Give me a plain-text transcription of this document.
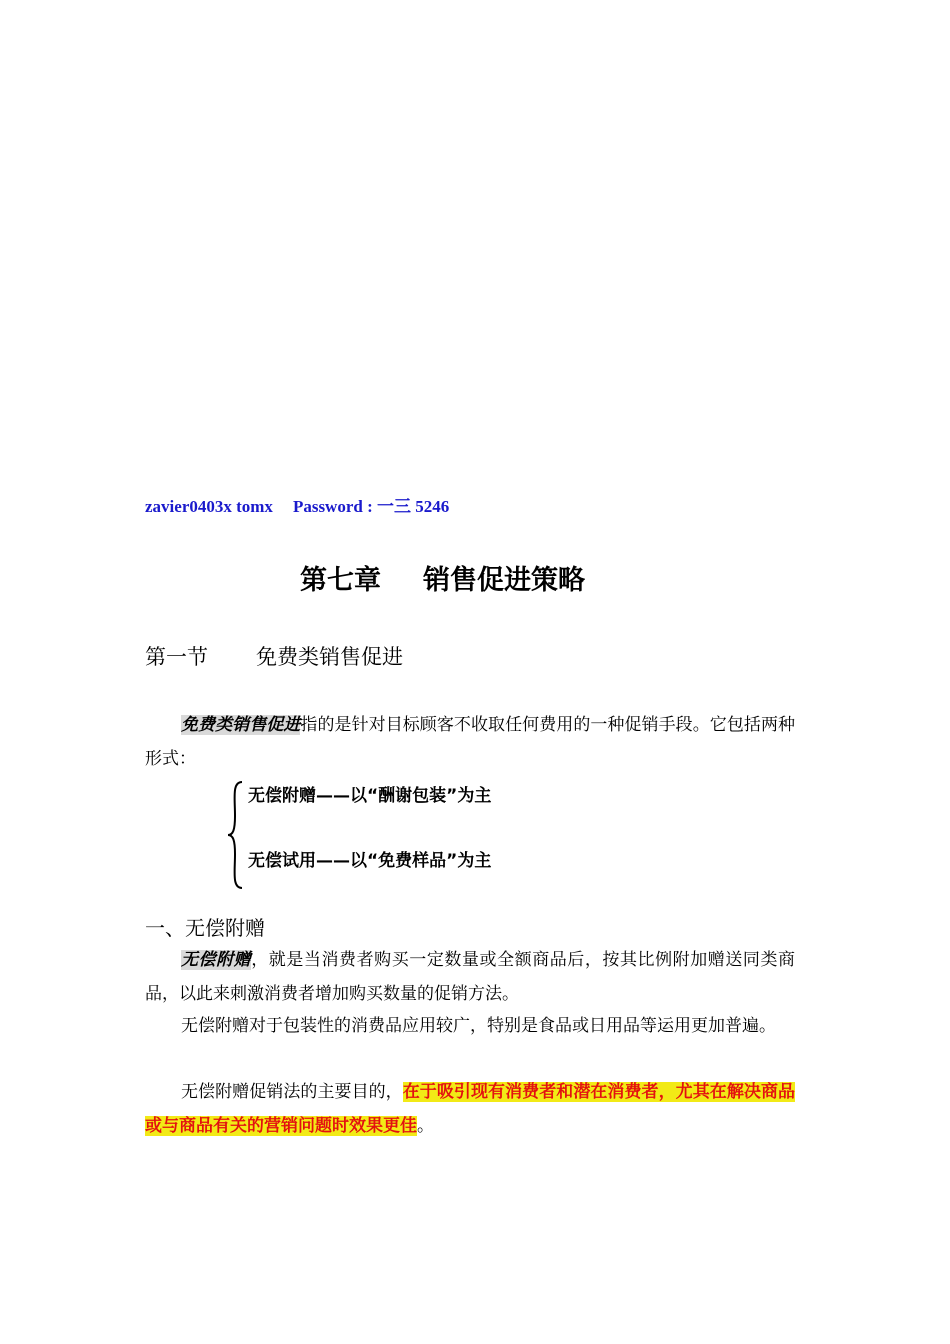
zavier0403x tomx Password : 一三 5246
第七章 销售促进策略
第一节 免费类销售促进
免费类销售促进指的是针对目标顾客不收取任何费用的一种促销手段。它包括两种形式：
无偿附赠——以“酬谢包装”为主
无偿试用——以“免费样品”为主
一、无偿附赠
无偿附赠，就是当消费者购买一定数量或全额商品后，按其比例附加赠送同类商品，以此来刺激消费者增加购买数量的促销方法。
无偿附赠对于包装性的消费品应用较广，特别是食品或日用品等运用更加普遍。
无偿附赠促销法的主要目的，在于吸引现有消费者和潜在消费者，尤其在解决商品或与商品有关的营销问题时效果更佳。
